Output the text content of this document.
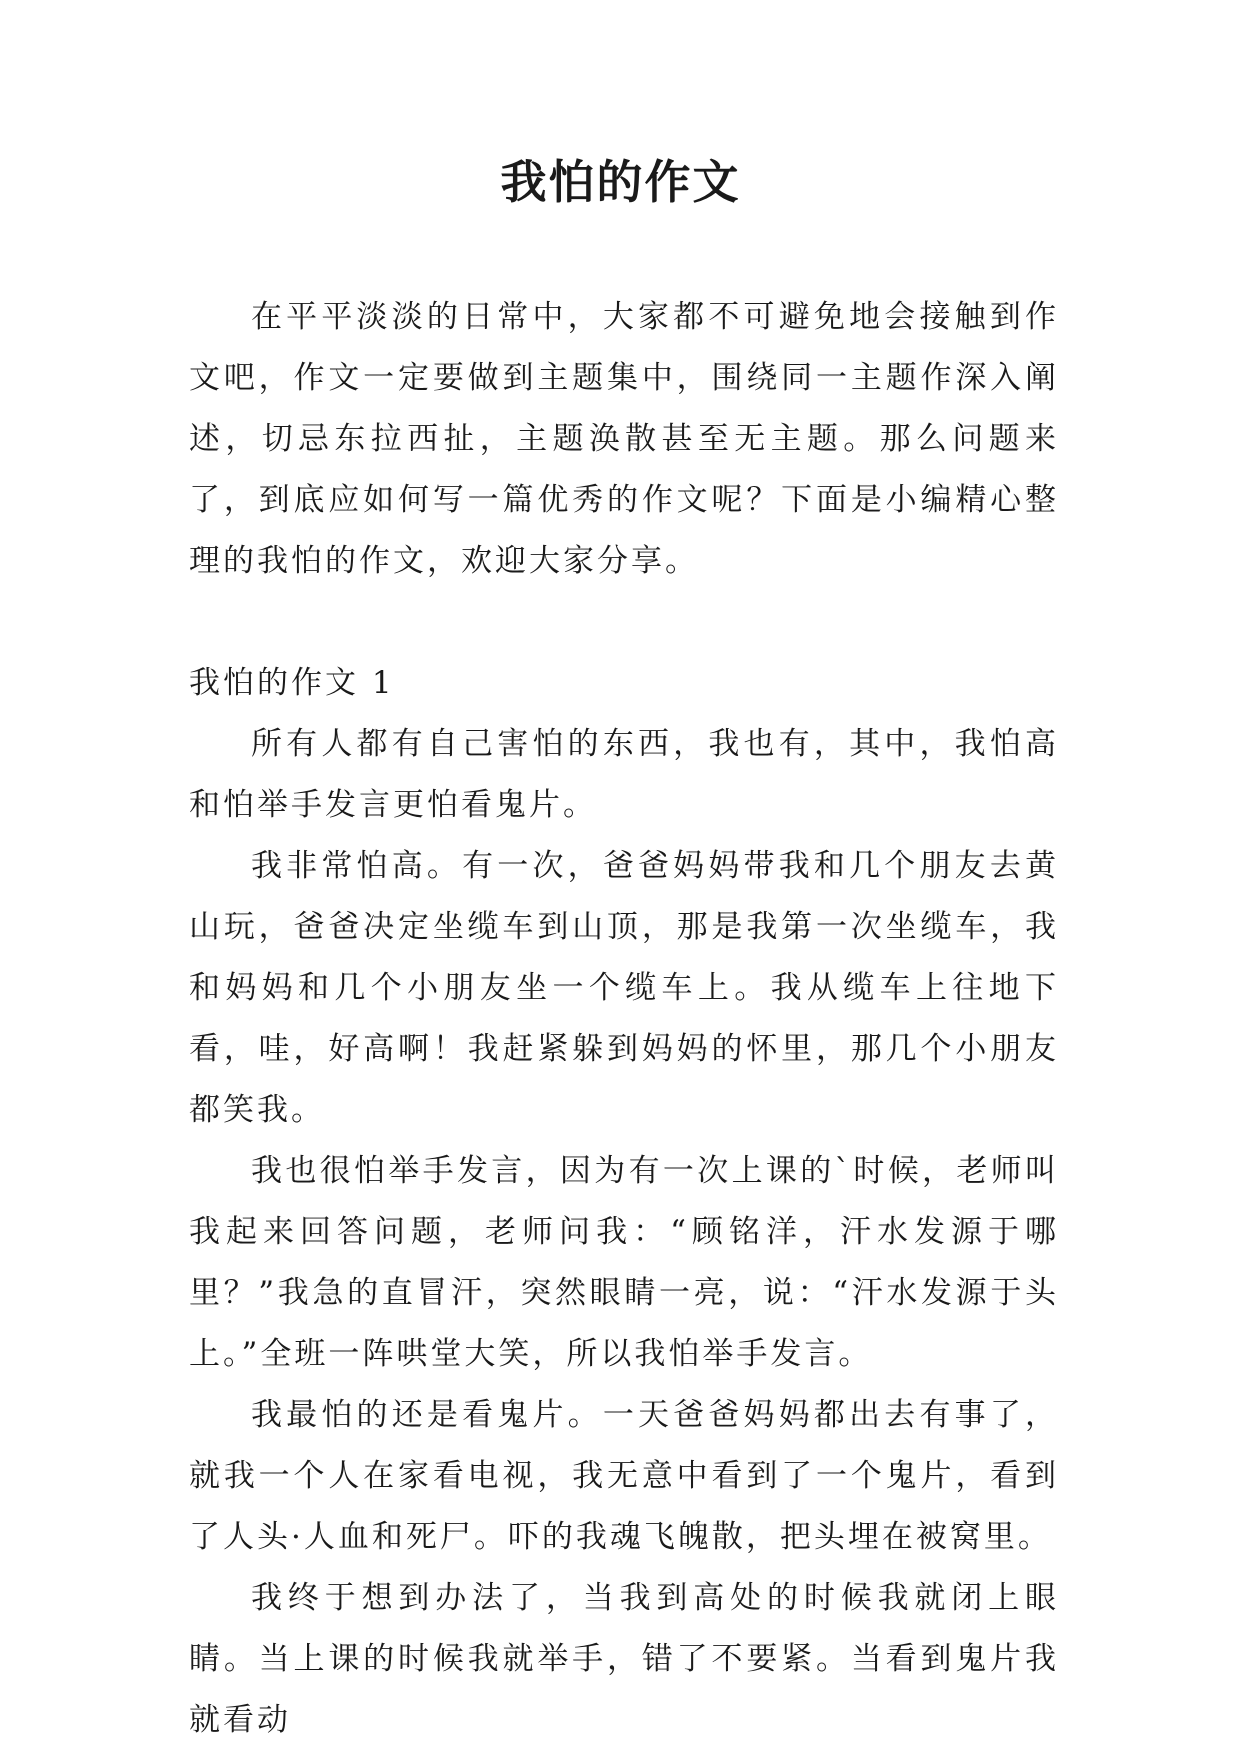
我怕的作文

在平平淡淡的日常中，大家都不可避免地会接触到作文吧，作文一定要做到主题集中，围绕同一主题作深入阐述，切忌东拉西扯，主题涣散甚至无主题。那么问题来了，到底应如何写一篇优秀的作文呢？下面是小编精心整理的我怕的作文，欢迎大家分享。

我怕的作文 1

所有人都有自己害怕的东西，我也有，其中，我怕高和怕举手发言更怕看鬼片。

我非常怕高。有一次，爸爸妈妈带我和几个朋友去黄山玩，爸爸决定坐缆车到山顶，那是我第一次坐缆车，我和妈妈和几个小朋友坐一个缆车上。我从缆车上往地下看，哇，好高啊！我赶紧躲到妈妈的怀里，那几个小朋友都笑我。

我也很怕举手发言，因为有一次上课的`时候，老师叫我起来回答问题，老师问我：“顾铭洋，汗水发源于哪里？”我急的直冒汗，突然眼睛一亮，说：“汗水发源于头上。”全班一阵哄堂大笑，所以我怕举手发言。

我最怕的还是看鬼片。一天爸爸妈妈都出去有事了，就我一个人在家看电视，我无意中看到了一个鬼片，看到了人头·人血和死尸。吓的我魂飞魄散，把头埋在被窝里。

我终于想到办法了，当我到高处的时候我就闭上眼睛。当上课的时候我就举手，错了不要紧。当看到鬼片我就看动
